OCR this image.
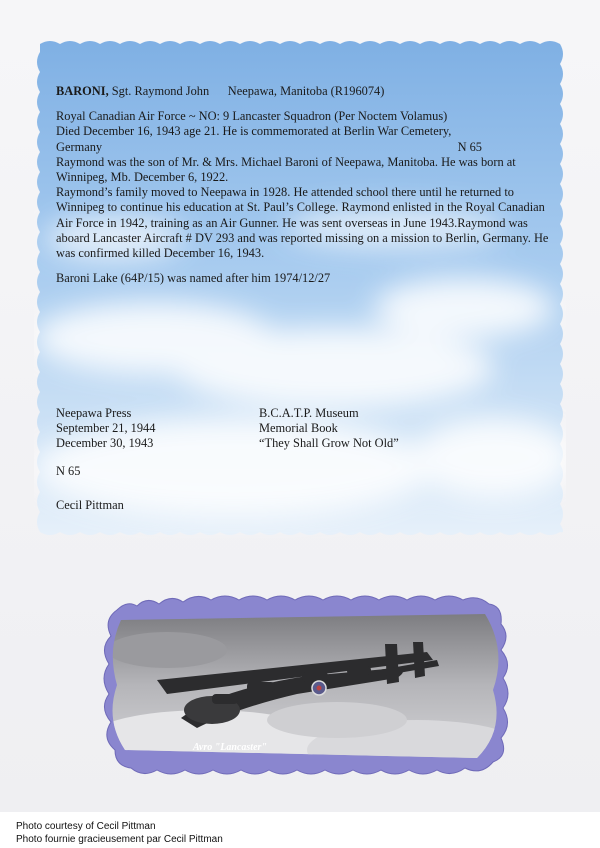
BARONI, Sgt. Raymond John Neepawa, Manitoba (R196074)
Royal Canadian Air Force ~ NO: 9 Lancaster Squadron (Per Noctem Volamus)
Died December 16, 1943 age 21. He is commemorated at Berlin War Cemetery,
Germany	N 65
Raymond was the son of Mr. & Mrs. Michael Baroni of Neepawa, Manitoba. He was born at Winnipeg, Mb. December 6, 1922.
Raymond’s family moved to Neepawa in 1928. He attended school there until he returned to Winnipeg to continue his education at St. Paul’s College. Raymond enlisted in the Royal Canadian Air Force in 1942, training as an Air Gunner. He was sent overseas in June 1943.Raymond was aboard Lancaster Aircraft # DV 293 and was reported missing on a mission to Berlin, Germany. He was confirmed killed December 16, 1943.
Baroni Lake (64P/15) was named after him 1974/12/27
Neepawa Press
September 21, 1944
December 30, 1943
B.C.A.T.P. Museum
Memorial Book
“They Shall Grow Not Old”
N 65
Cecil Pittman
Avro "Lancaster"
Photo courtesy of Cecil Pittman
Photo fournie gracieusement par Cecil Pittman
